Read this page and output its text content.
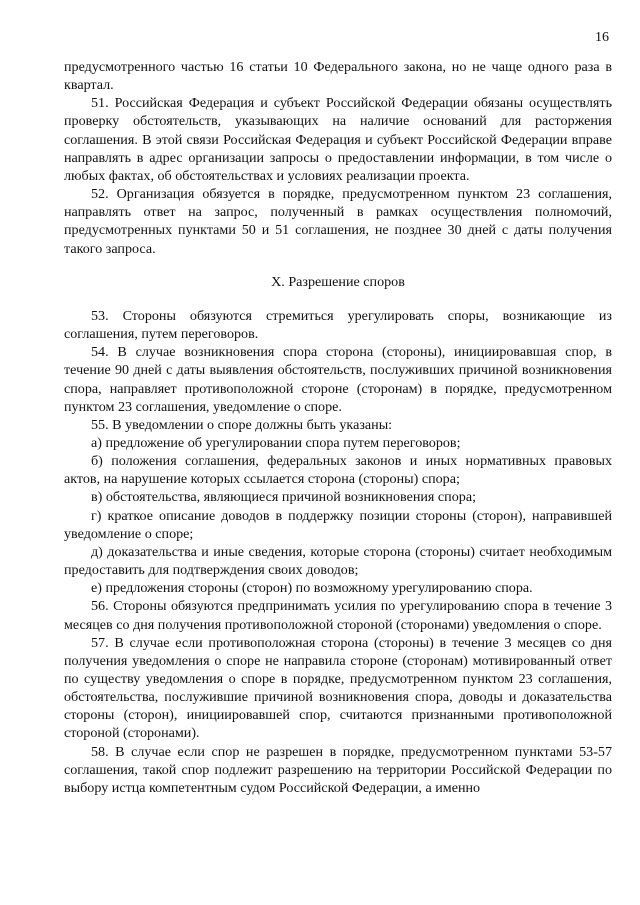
16

предусмотренного частью 16 статьи 10 Федерального закона, но не чаще одного раза в квартал.

51. Российская Федерация и субъект Российской Федерации обязаны осуществлять проверку обстоятельств, указывающих на наличие оснований для расторжения соглашения. В этой связи Российская Федерация и субъект Российской Федерации вправе направлять в адрес организации запросы о предоставлении информации, в том числе о любых фактах, об обстоятельствах и условиях реализации проекта.

52. Организация обязуется в порядке, предусмотренном пунктом 23 соглашения, направлять ответ на запрос, полученный в рамках осуществления полномочий, предусмотренных пунктами 50 и 51 соглашения, не позднее 30 дней с даты получения такого запроса.

X. Разрешение споров

53. Стороны обязуются стремиться урегулировать споры, возникающие из соглашения, путем переговоров.

54. В случае возникновения спора сторона (стороны), инициировавшая спор, в течение 90 дней с даты выявления обстоятельств, послуживших причиной возникновения спора, направляет противоположной стороне (сторонам) в порядке, предусмотренном пунктом 23 соглашения, уведомление о споре.

55. В уведомлении о споре должны быть указаны:

а) предложение об урегулировании спора путем переговоров;

б) положения соглашения, федеральных законов и иных нормативных правовых актов, на нарушение которых ссылается сторона (стороны) спора;

в) обстоятельства, являющиеся причиной возникновения спора;

г) краткое описание доводов в поддержку позиции стороны (сторон), направившей уведомление о споре;

д) доказательства и иные сведения, которые сторона (стороны) считает необходимым предоставить для подтверждения своих доводов;

е) предложения стороны (сторон) по возможному урегулированию спора.

56. Стороны обязуются предпринимать усилия по урегулированию спора в течение 3 месяцев со дня получения противоположной стороной (сторонами) уведомления о споре.

57. В случае если противоположная сторона (стороны) в течение 3 месяцев со дня получения уведомления о споре не направила стороне (сторонам) мотивированный ответ по существу уведомления о споре в порядке, предусмотренном пунктом 23 соглашения, обстоятельства, послужившие причиной возникновения спора, доводы и доказательства стороны (сторон), инициировавшей спор, считаются признанными противоположной стороной (сторонами).

58. В случае если спор не разрешен в порядке, предусмотренном пунктами 53-57 соглашения, такой спор подлежит разрешению на территории Российской Федерации по выбору истца компетентным судом Российской Федерации, а именно
